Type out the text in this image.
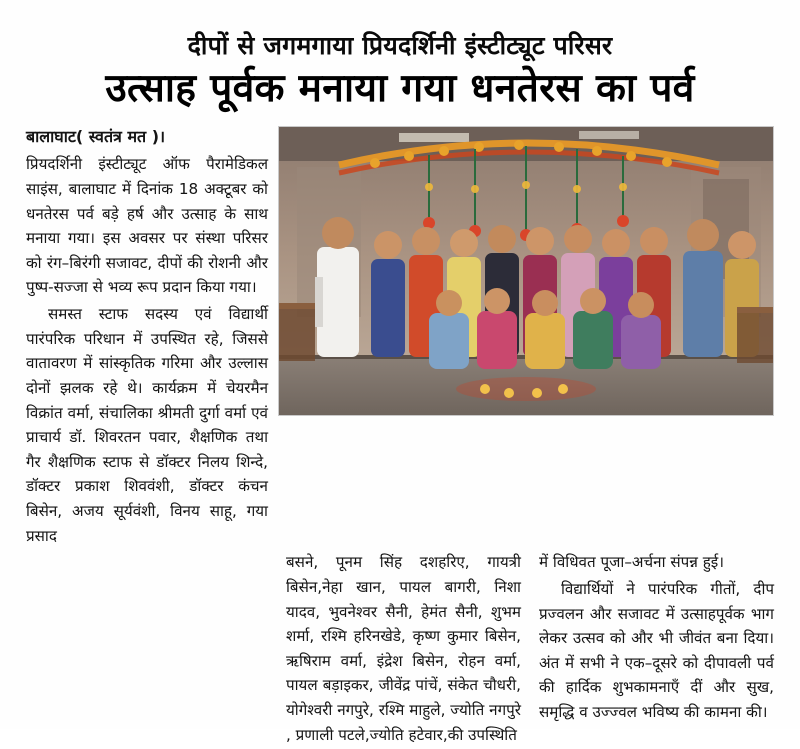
दीपों से जगमगाया प्रियदर्शिनी इंस्टीट्यूट परिसर
उत्साह पूर्वक मनाया गया धनतेरस का पर्व

बालाघाट( स्वतंत्र मत )।

प्रियदर्शिनी इंस्टीट्यूट ऑफ पैरामेडिकल साइंस, बालाघाट में दिनांक 18 अक्टूबर को धनतेरस पर्व बड़े हर्ष और उत्साह के साथ मनाया गया। इस अवसर पर संस्था परिसर को रंग–बिरंगी सजावट, दीपों की रोशनी और पुष्प-सज्जा से भव्य रूप प्रदान किया गया।

समस्त स्टाफ सदस्य एवं विद्यार्थी पारंपरिक परिधान में उपस्थित रहे, जिससे वातावरण में सांस्कृतिक गरिमा और उल्लास दोनों झलक रहे थे। कार्यक्रम में चेयरमैन विक्रांत वर्मा, संचालिका श्रीमती दुर्गा वर्मा एवं प्राचार्य डॉ. शिवरतन पवार, शैक्षणिक तथा गैर शैक्षणिक स्टाफ से डॉक्टर निलय शिन्दे, डॉक्टर प्रकाश शिववंशी, डॉक्टर कंचन बिसेन, अजय सूर्यवंशी, विनय साहू, गया प्रसाद

बसने, पूनम सिंह दशहरिए, गायत्री बिसेन,नेहा खान, पायल बागरी, निशा यादव, भुवनेश्वर सैनी, हेमंत सैनी, शुभम शर्मा, रश्मि हरिनखेडे, कृष्ण कुमार बिसेन, ऋषिराम वर्मा, इंद्रेश बिसेन, रोहन वर्मा, पायल बड़ाइकर, जीवेंद्र पांचें, संकेत चौधरी, योगेश्वरी नगपुरे, रश्मि माहुले, ज्योति नगपुरे , प्रणाली पटले,ज्योति हटेवार,की उपस्थिति

में विधिवत पूजा–अर्चना संपन्न हुई।

विद्यार्थियों ने पारंपरिक गीतों, दीप प्रज्वलन और सजावट में उत्साहपूर्वक भाग लेकर उत्सव को और भी जीवंत बना दिया। अंत में सभी ने एक–दूसरे को दीपावली पर्व की हार्दिक शुभकामनाएँ दीं और सुख, समृद्धि व उज्ज्वल भविष्य की कामना की।
